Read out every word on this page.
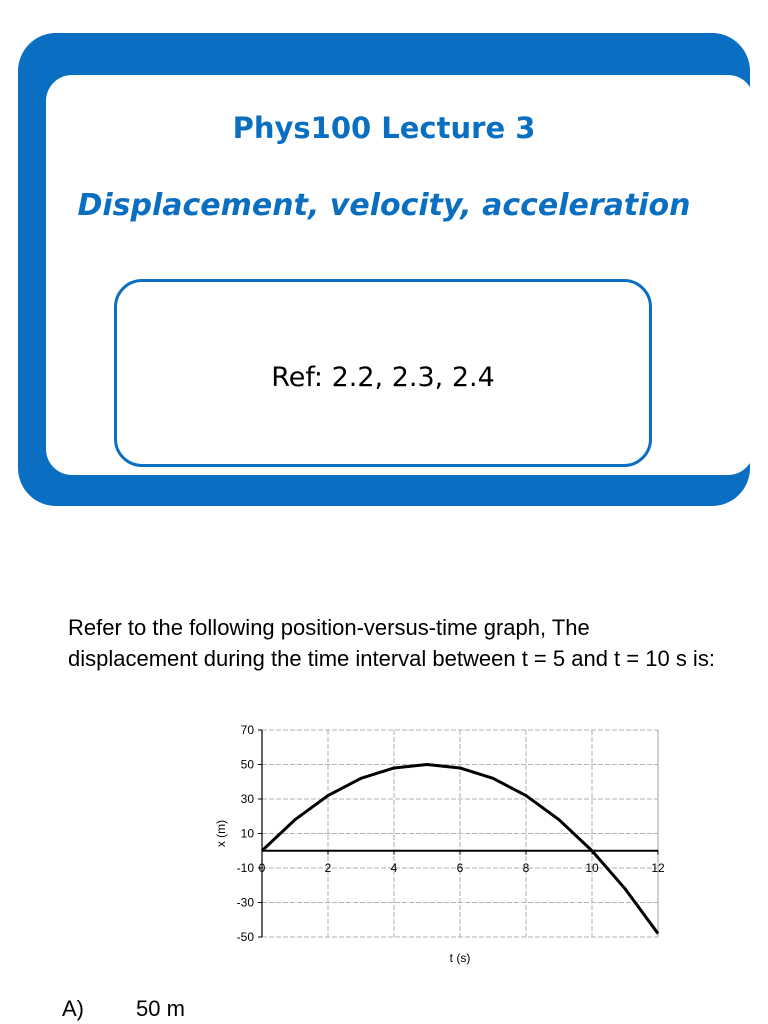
Phys100 Lecture 3
Displacement, velocity, acceleration
Ref: 2.2, 2.3, 2.4
Refer to the following position-versus-time graph, The displacement during the time interval between t = 5 and t = 10 s is:
70
50
30
10
-10
-30
-50
0	2	4	6	8	10	12
t (s)
x (m)
A) 50 m
